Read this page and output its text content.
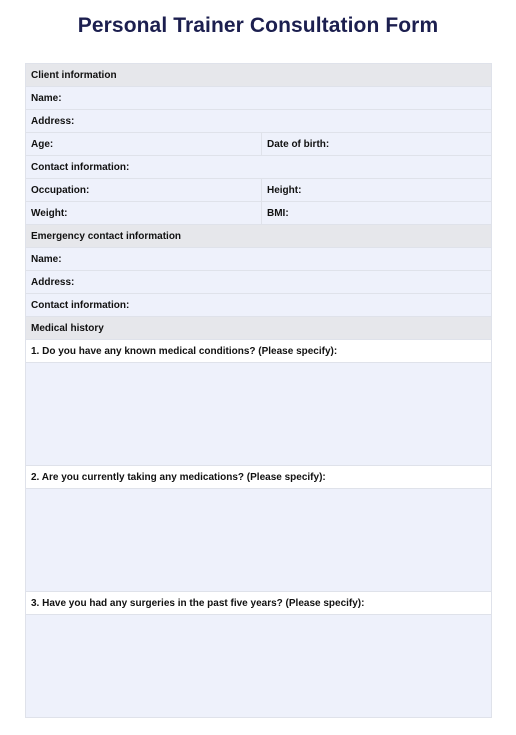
Personal Trainer Consultation Form
Client information
Name:
Address:
Age:	Date of birth:
Contact information:
Occupation:	Height:
Weight:	BMI:
Emergency contact information
Name:
Address:
Contact information:
Medical history
1. Do you have any known medical conditions? (Please specify):
2. Are you currently taking any medications? (Please specify):
3. Have you had any surgeries in the past five years? (Please specify):
